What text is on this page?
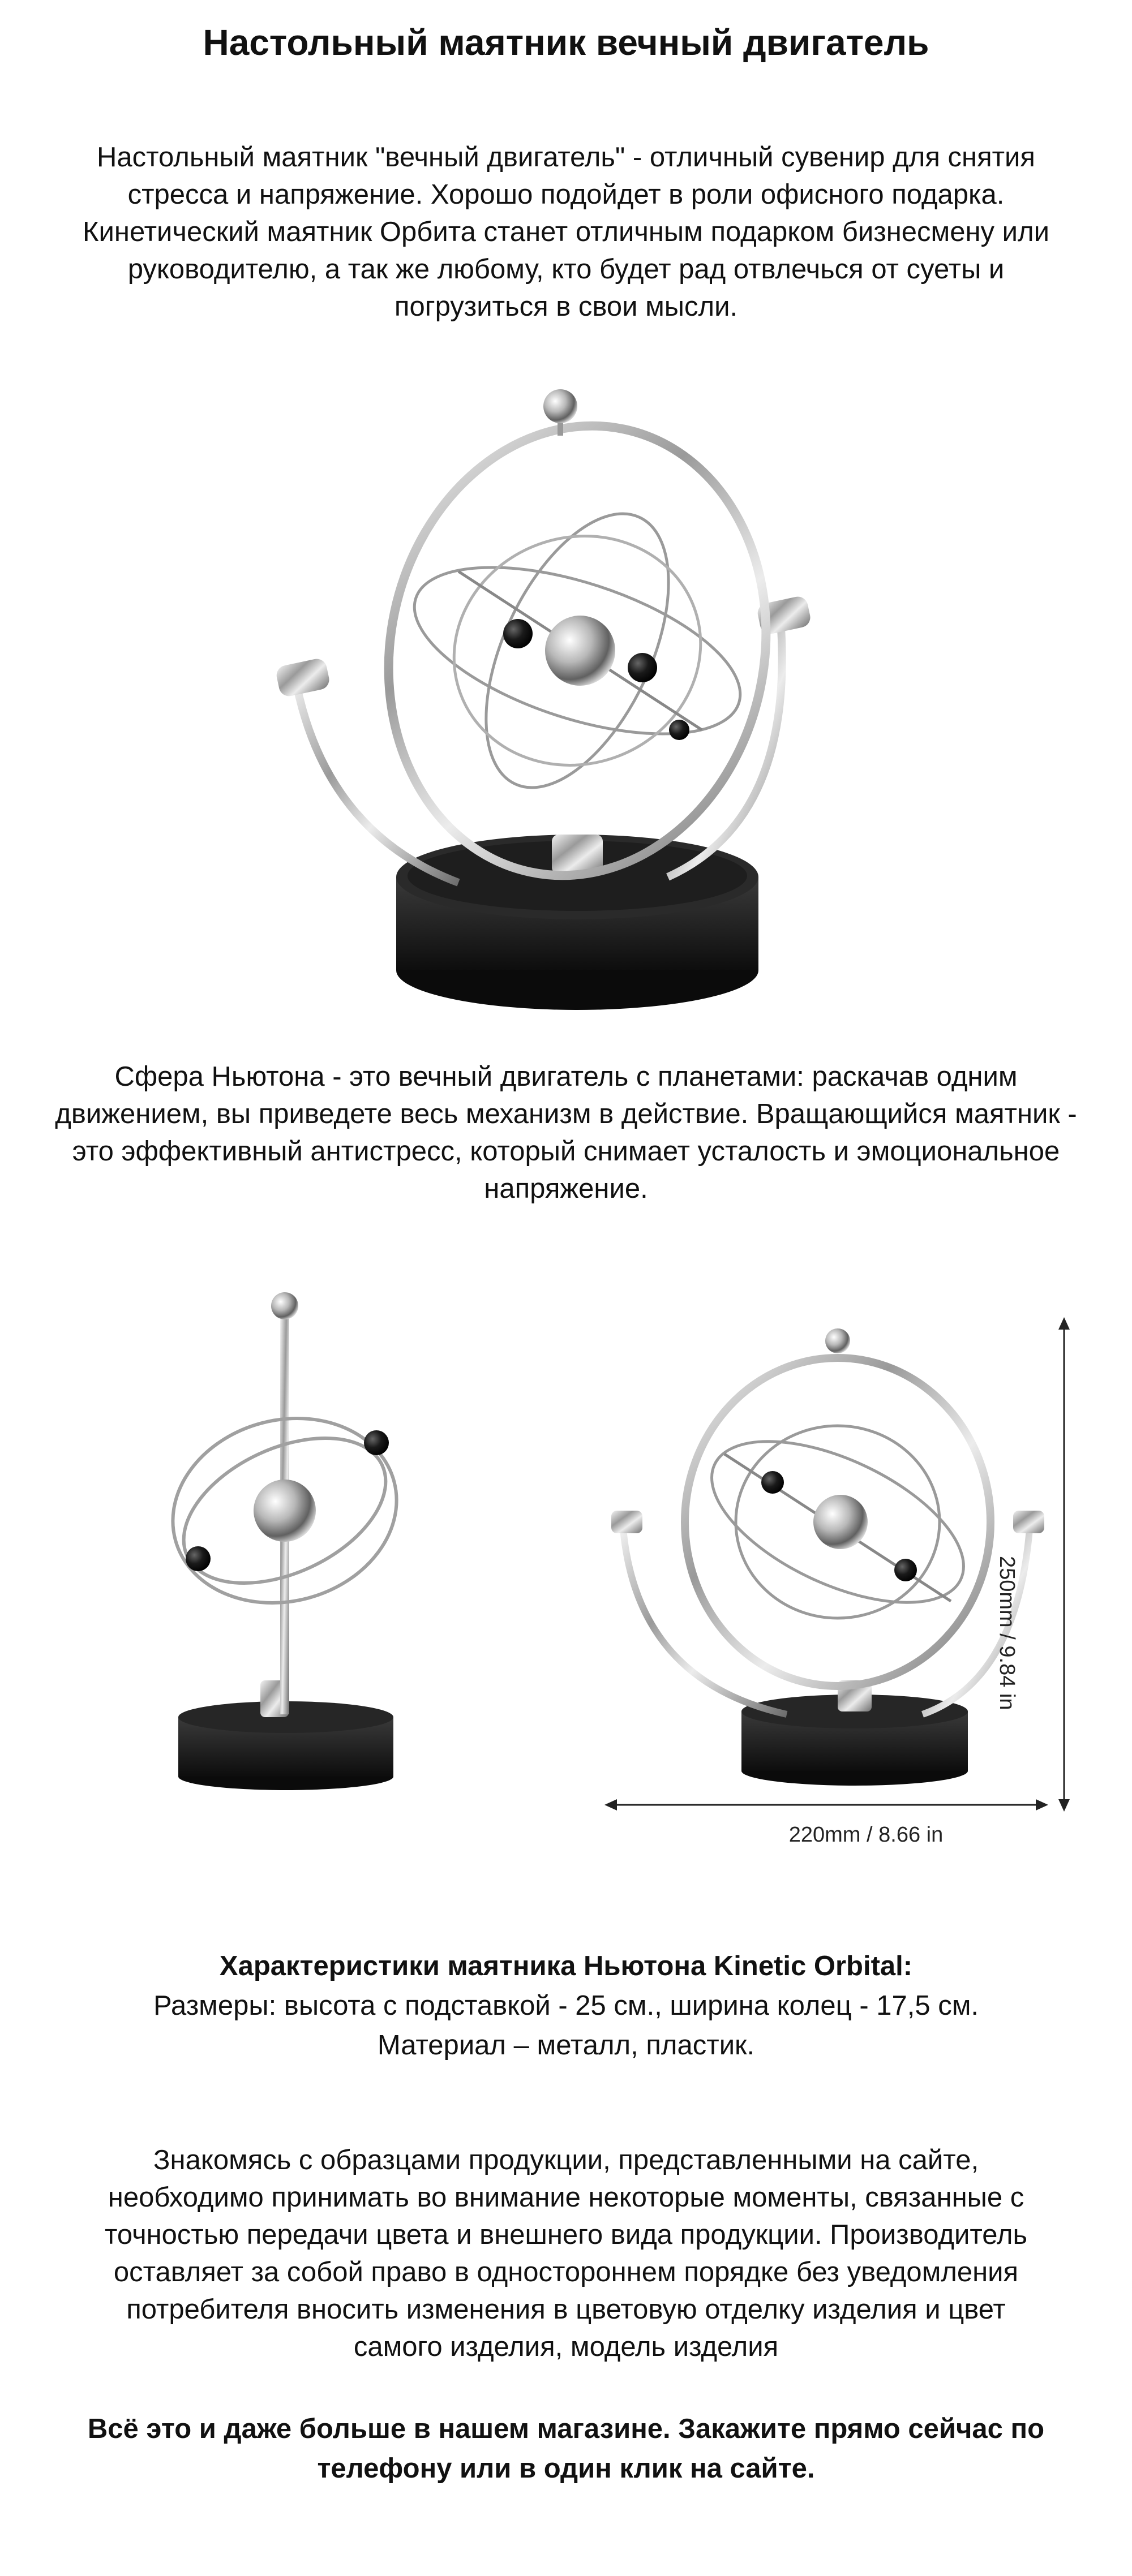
Настольный маятник вечный двигатель
Настольный маятник "вечный двигатель" - отличный сувенир для снятия
стресса и напряжение. Хорошо подойдет в роли офисного подарка.
Кинетический маятник Орбита станет отличным подарком бизнесмену или
руководителю, а так же любому, кто будет рад отвлечься от суеты и
погрузиться в свои мысли.
Сфера Ньютона - это вечный двигатель с планетами: раскачав одним
движением, вы приведете весь механизм в действие. Вращающийся маятник -
это эффективный антистресс, который снимает усталость и эмоциональное
напряжение.
250mm / 9.84 in
220mm / 8.66 in
Характеристики маятника Ньютона Kinetic Orbital:
Размеры: высота с подставкой - 25 см., ширина колец - 17,5 см.
Материал – металл, пластик.
Знакомясь с образцами продукции, представленными на сайте,
необходимо принимать во внимание некоторые моменты, связанные с
точностью передачи цвета и внешнего вида продукции. Производитель
оставляет за собой право в одностороннем порядке без уведомления
потребителя вносить изменения в цветовую отделку изделия и цвет
самого изделия, модель изделия
Всё это и даже больше в нашем магазине. Закажите прямо сейчас по
телефону или в один клик на сайте.
